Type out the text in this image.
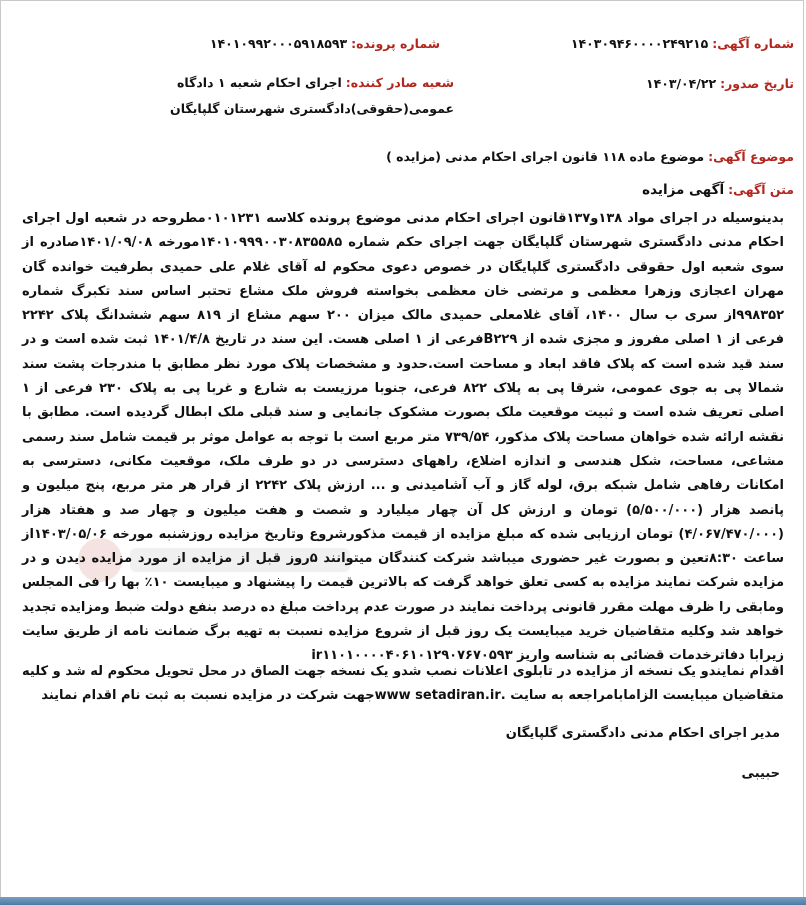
شماره آگهی: ۱۴۰۳۰۹۴۶۰۰۰۰۲۴۹۲۱۵
شماره پرونده: ۱۴۰۱۰۹۹۲۰۰۰۵۹۱۸۵۹۳
تاریخ صدور: ۱۴۰۳/۰۴/۲۲
شعبه صادر کننده: اجرای احکام شعبه ۱ دادگاه عمومی(حقوقی)دادگستری شهرستان گلپایگان
موضوع آگهی: موضوع ماده ۱۱۸ قانون اجرای احکام مدنی (مزایده )
متن آگهی: آگهی مزایده
بدینوسیله در اجرای مواد ۱۳۸و۱۳۷قانون اجرای احکام مدنی موضوع پرونده کلاسه ۰۱۰۱۲۳۱مطروحه در شعبه اول اجرای احکام مدنی دادگستری شهرستان گلپایگان جهت اجرای حکم شماره ۱۴۰۱۰۹۹۹۰۰۳۰۸۳۵۵۸۵مورخه ۱۴۰۱/۰۹/۰۸صادره از سوی شعبه اول حقوقی دادگستری گلپایگان در خصوص دعوی محکوم له آقای غلام علی حمیدی بطرفیت خوانده گان مهران اعجازی وزهرا معظمی و مرتضی خان معظمی بخواسته فروش ملک مشاع تحتبر اساس سند تکبرگ شماره ۹۹۸۳۵۲از سری ب سال ۱۴۰۰، آقای غلامعلی حمیدی مالک میزان ۲۰۰ سهم مشاع از ۸۱۹ سهم ششدانگ پلاک ۲۲۴۲ فرعی از ۱ اصلی مفروز و مجزی شده از B۲۲۹فرعی از ۱ اصلی هست. این سند در تاریخ ۱۴۰۱/۴/۸ ثبت شده است و در سند قید شده است که پلاک فاقد ابعاد و مساحت است.حدود و مشخصات پلاک مورد نظر مطابق با مندرجات پشت سند شمالا پی به جوی عمومی، شرقا پی به پلاک ۸۲۲ فرعی، جنوبا مرزیست به شارع و غربا پی به پلاک ۲۳۰ فرعی از ۱ اصلی تعریف شده است و ثبیت موقعیت ملک بصورت مشکوک جانمایی و سند قبلی ملک ابطال گردیده است. مطابق با نقشه ارائه شده خواهان مساحت پلاک مذکور، ۷۳۹/۵۴ متر مربع است با توجه به عوامل موثر بر قیمت شامل سند رسمی مشاعی، مساحت، شکل هندسی و اندازه اضلاع، راههای دسترسی در دو طرف ملک، موقعیت مکانی، دسترسی به امکانات رفاهی شامل شبکه برق، لوله گاز و آب آشامیدنی و ... ارزش پلاک ۲۲۴۲ از قرار هر متر مربع، پنج میلیون و پانصد هزار (۵/۵۰۰/۰۰۰) تومان و ارزش کل آن چهار میلیارد و شصت و هفت میلیون و چهار صد و هفتاد هزار (۴/۰۶۷/۴۷۰/۰۰۰) تومان ارزیابی شده که مبلغ مزایده از قیمت مذکورشروع وتاریخ مزایده روزشنبه مورخه ۱۴۰۳/۰۵/۰۶از ساعت ۸:۳۰تعین و بصورت غیر حضوری میباشد شرکت کنندگان میتوانند ۵روز قبل از مزایده از مورد مزایده دیدن و در مزایده شرکت نمایند مزایده به کسی تعلق خواهد گرفت که بالاترین قیمت را پیشنهاد و میبایست ۱۰٪ بها را فی المجلس ومابقی را ظرف مهلت مقرر قانونی پرداخت نمایند در صورت عدم پرداخت مبلغ ده درصد بنفع دولت ضبط ومزایده تجدید خواهد شد وکلیه متقاضیان خرید میبایست یک روز قبل از شروع مزایده نسبت به تهیه برگ ضمانت نامه از طریق سایت زیرابا دفاترخدمات قضائی به شناسه واریز ir۱۱۰۱۰۰۰۰۴۰۶۱۰۱۲۹۰۷۶۷۰۵۹۳
اقدام نمایندو یک نسخه از مزایده در تابلوی اعلانات نصب شدو یک نسخه جهت الصاق در محل تحویل محکوم له شد و کلیه متقاضیان میبایست الزامابامراجعه به سایت .www setadiran.irجهت شرکت در مزایده نسبت به ثبت نام اقدام نمایند
مدیر اجرای احکام مدنی دادگستری گلپایگان
حبیبی
